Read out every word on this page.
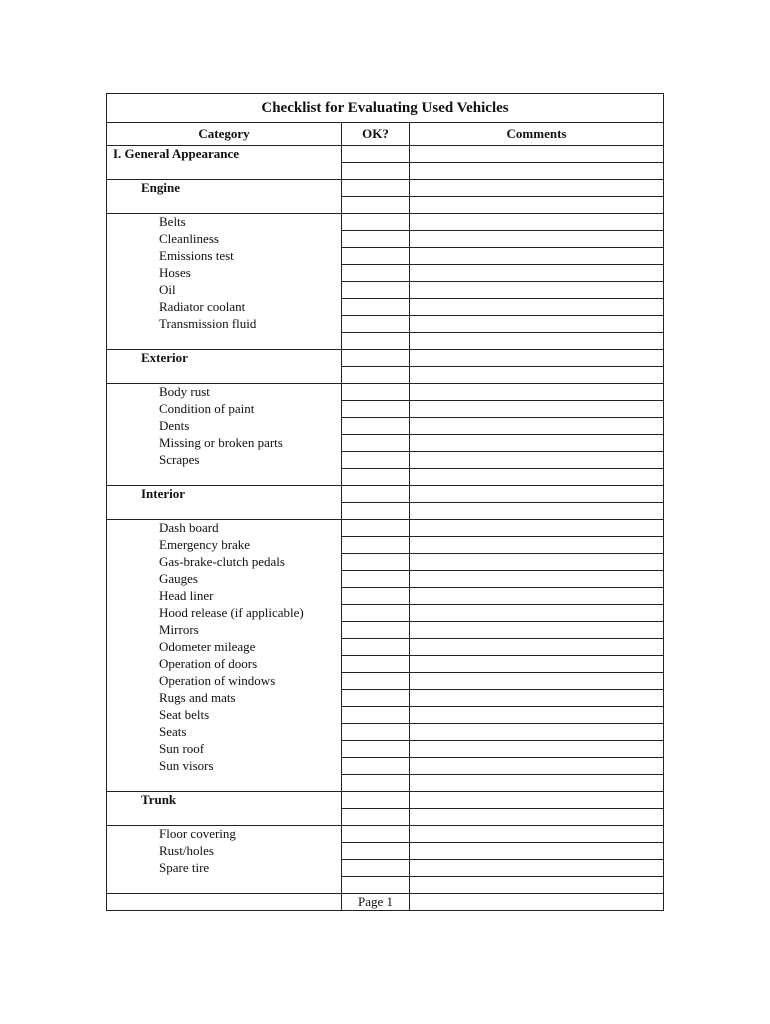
Checklist for Evaluating Used Vehicles
Category	OK?	Comments
I. General Appearance		

Engine		

Belts		
Cleanliness		
Emissions test		
Hoses		
Oil		
Radiator coolant		
Transmission fluid		

Exterior		

Body rust		
Condition of paint		
Dents		
Missing or broken parts		
Scrapes		

Interior		

Dash board		
Emergency brake		
Gas-brake-clutch pedals		
Gauges		
Head liner		
Hood release (if applicable)		
Mirrors		
Odometer mileage		
Operation of doors		
Operation of windows		
Rugs and mats		
Seat belts		
Seats		
Sun roof		
Sun visors		

Trunk		

Floor covering		
Rust/holes		
Spare tire		

	Page 1	
